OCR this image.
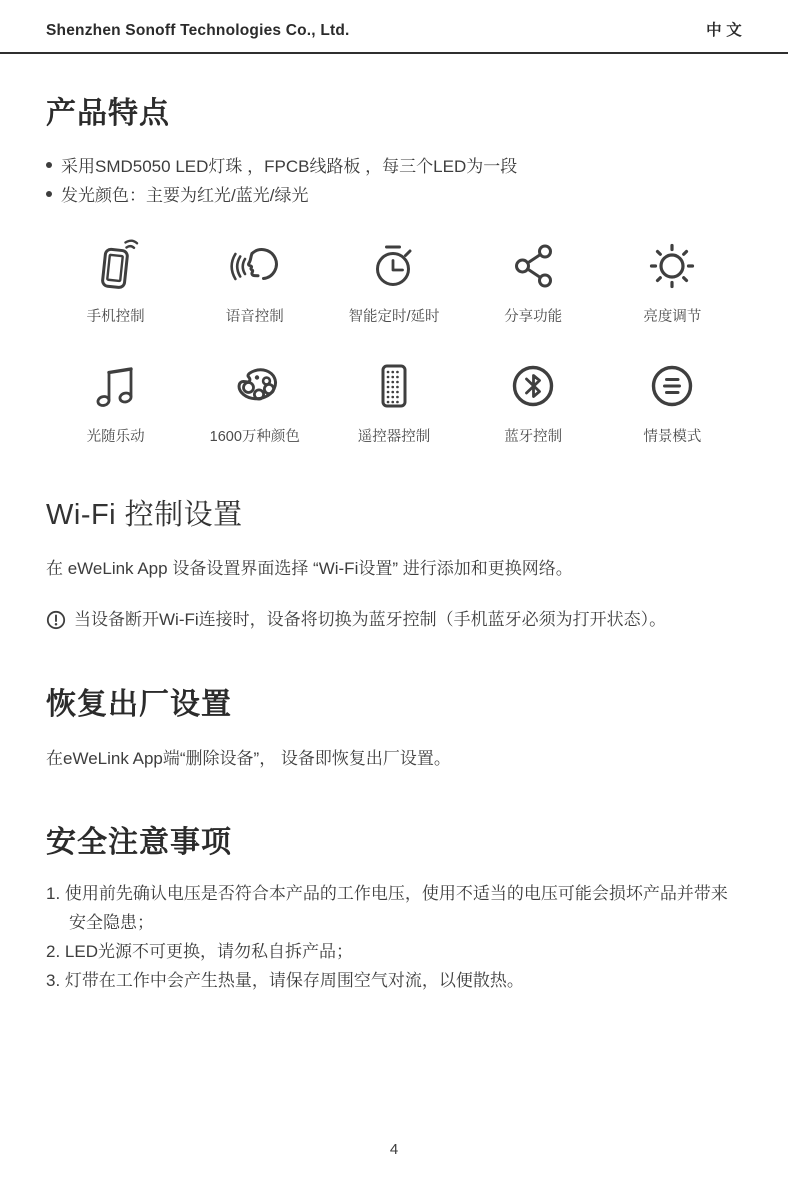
Shenzhen Sonoff Technologies Co., Ltd.	中 文
产品特点
采用SMD5050 LED灯珠 ，FPCB线路板 ，每三个LED为一段
发光颜色：主要为红光/蓝光/绿光
手机控制	语音控制	智能定时/延时	分享功能	亮度调节
光随乐动	1600万种颜色	遥控器控制	蓝牙控制	情景模式
Wi-Fi 控制设置

在 eWeLink App 设备设置界面选择 “Wi-Fi设置” 进行添加和更换网络。

当设备断开Wi-Fi连接时，设备将切换为蓝牙控制（手机蓝牙必须为打开状态）。
恢复出厂设置

在eWeLink App端“删除设备”， 设备即恢复出厂设置。

安全注意事项

1. 使用前先确认电压是否符合本产品的工作电压，使用不适当的电压可能会损坏产品并带来安全隐患；

2. LED光源不可更换，请勿私自拆产品；

3. 灯带在工作中会产生热量，请保存周围空气对流，以便散热。

4
